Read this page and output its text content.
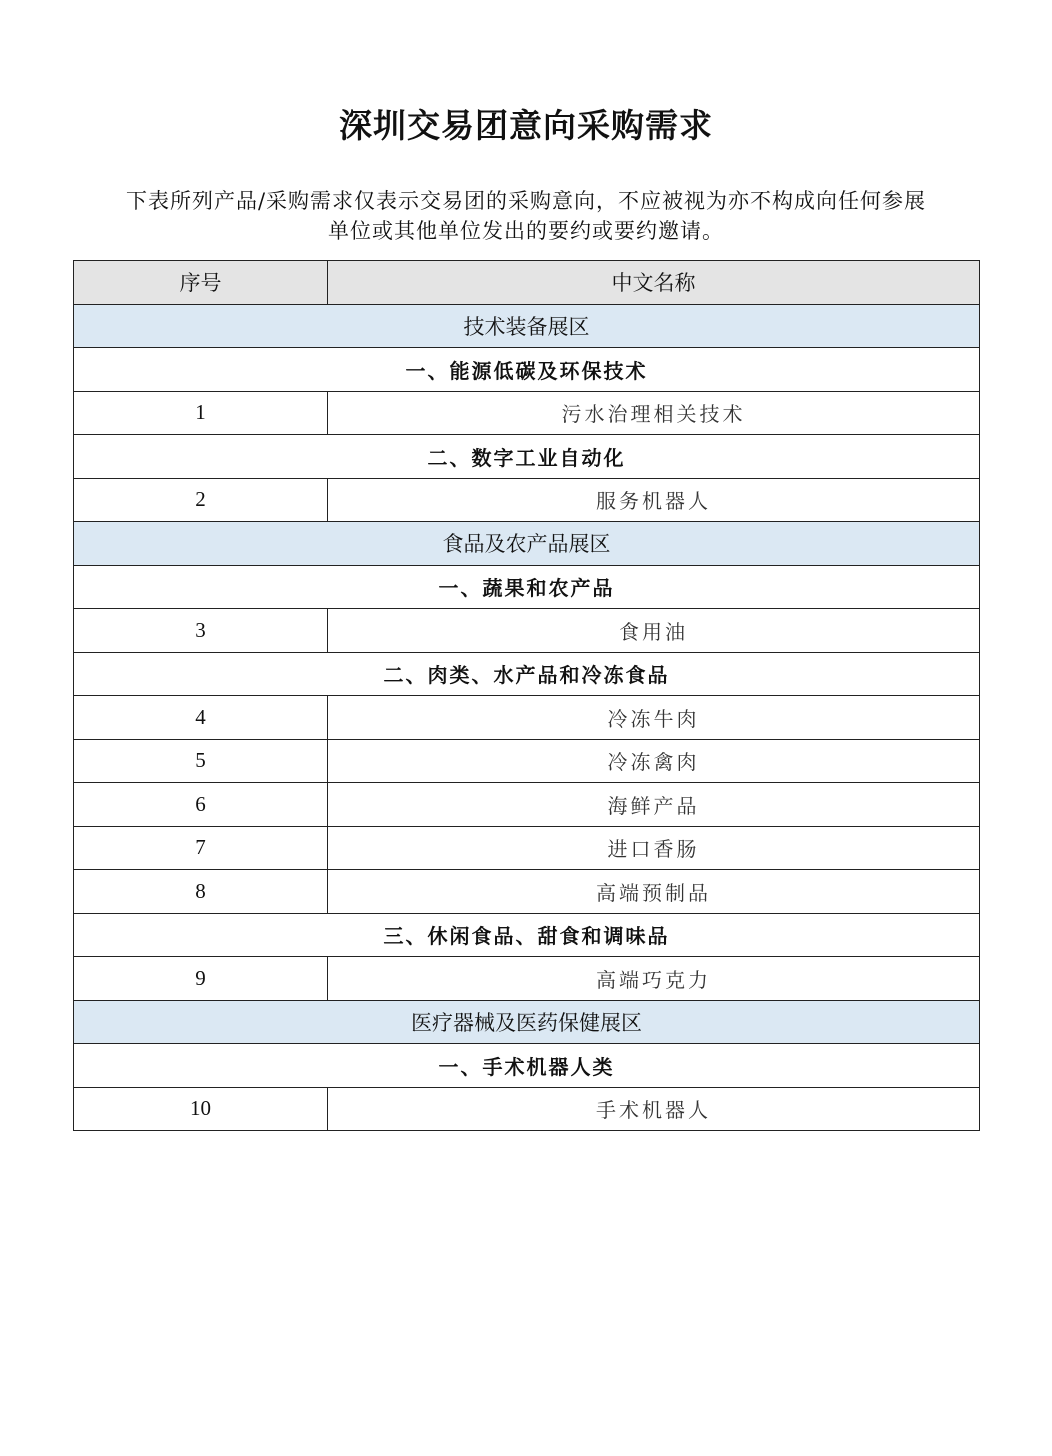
深圳交易团意向采购需求
下表所列产品/采购需求仅表示交易团的采购意向，不应被视为亦不构成向任何参展
单位或其他单位发出的要约或要约邀请。
序号	中文名称
技术装备展区	
一、能源低碳及环保技术	
1	污水治理相关技术
二、数字工业自动化	
2	服务机器人
食品及农产品展区	
一、蔬果和农产品	
3	食用油
二、肉类、水产品和冷冻食品	
4	冷冻牛肉
5	冷冻禽肉
6	海鲜产品
7	进口香肠
8	高端预制品
三、休闲食品、甜食和调味品	
9	高端巧克力
医疗器械及医药保健展区	
一、手术机器人类	
10	手术机器人
